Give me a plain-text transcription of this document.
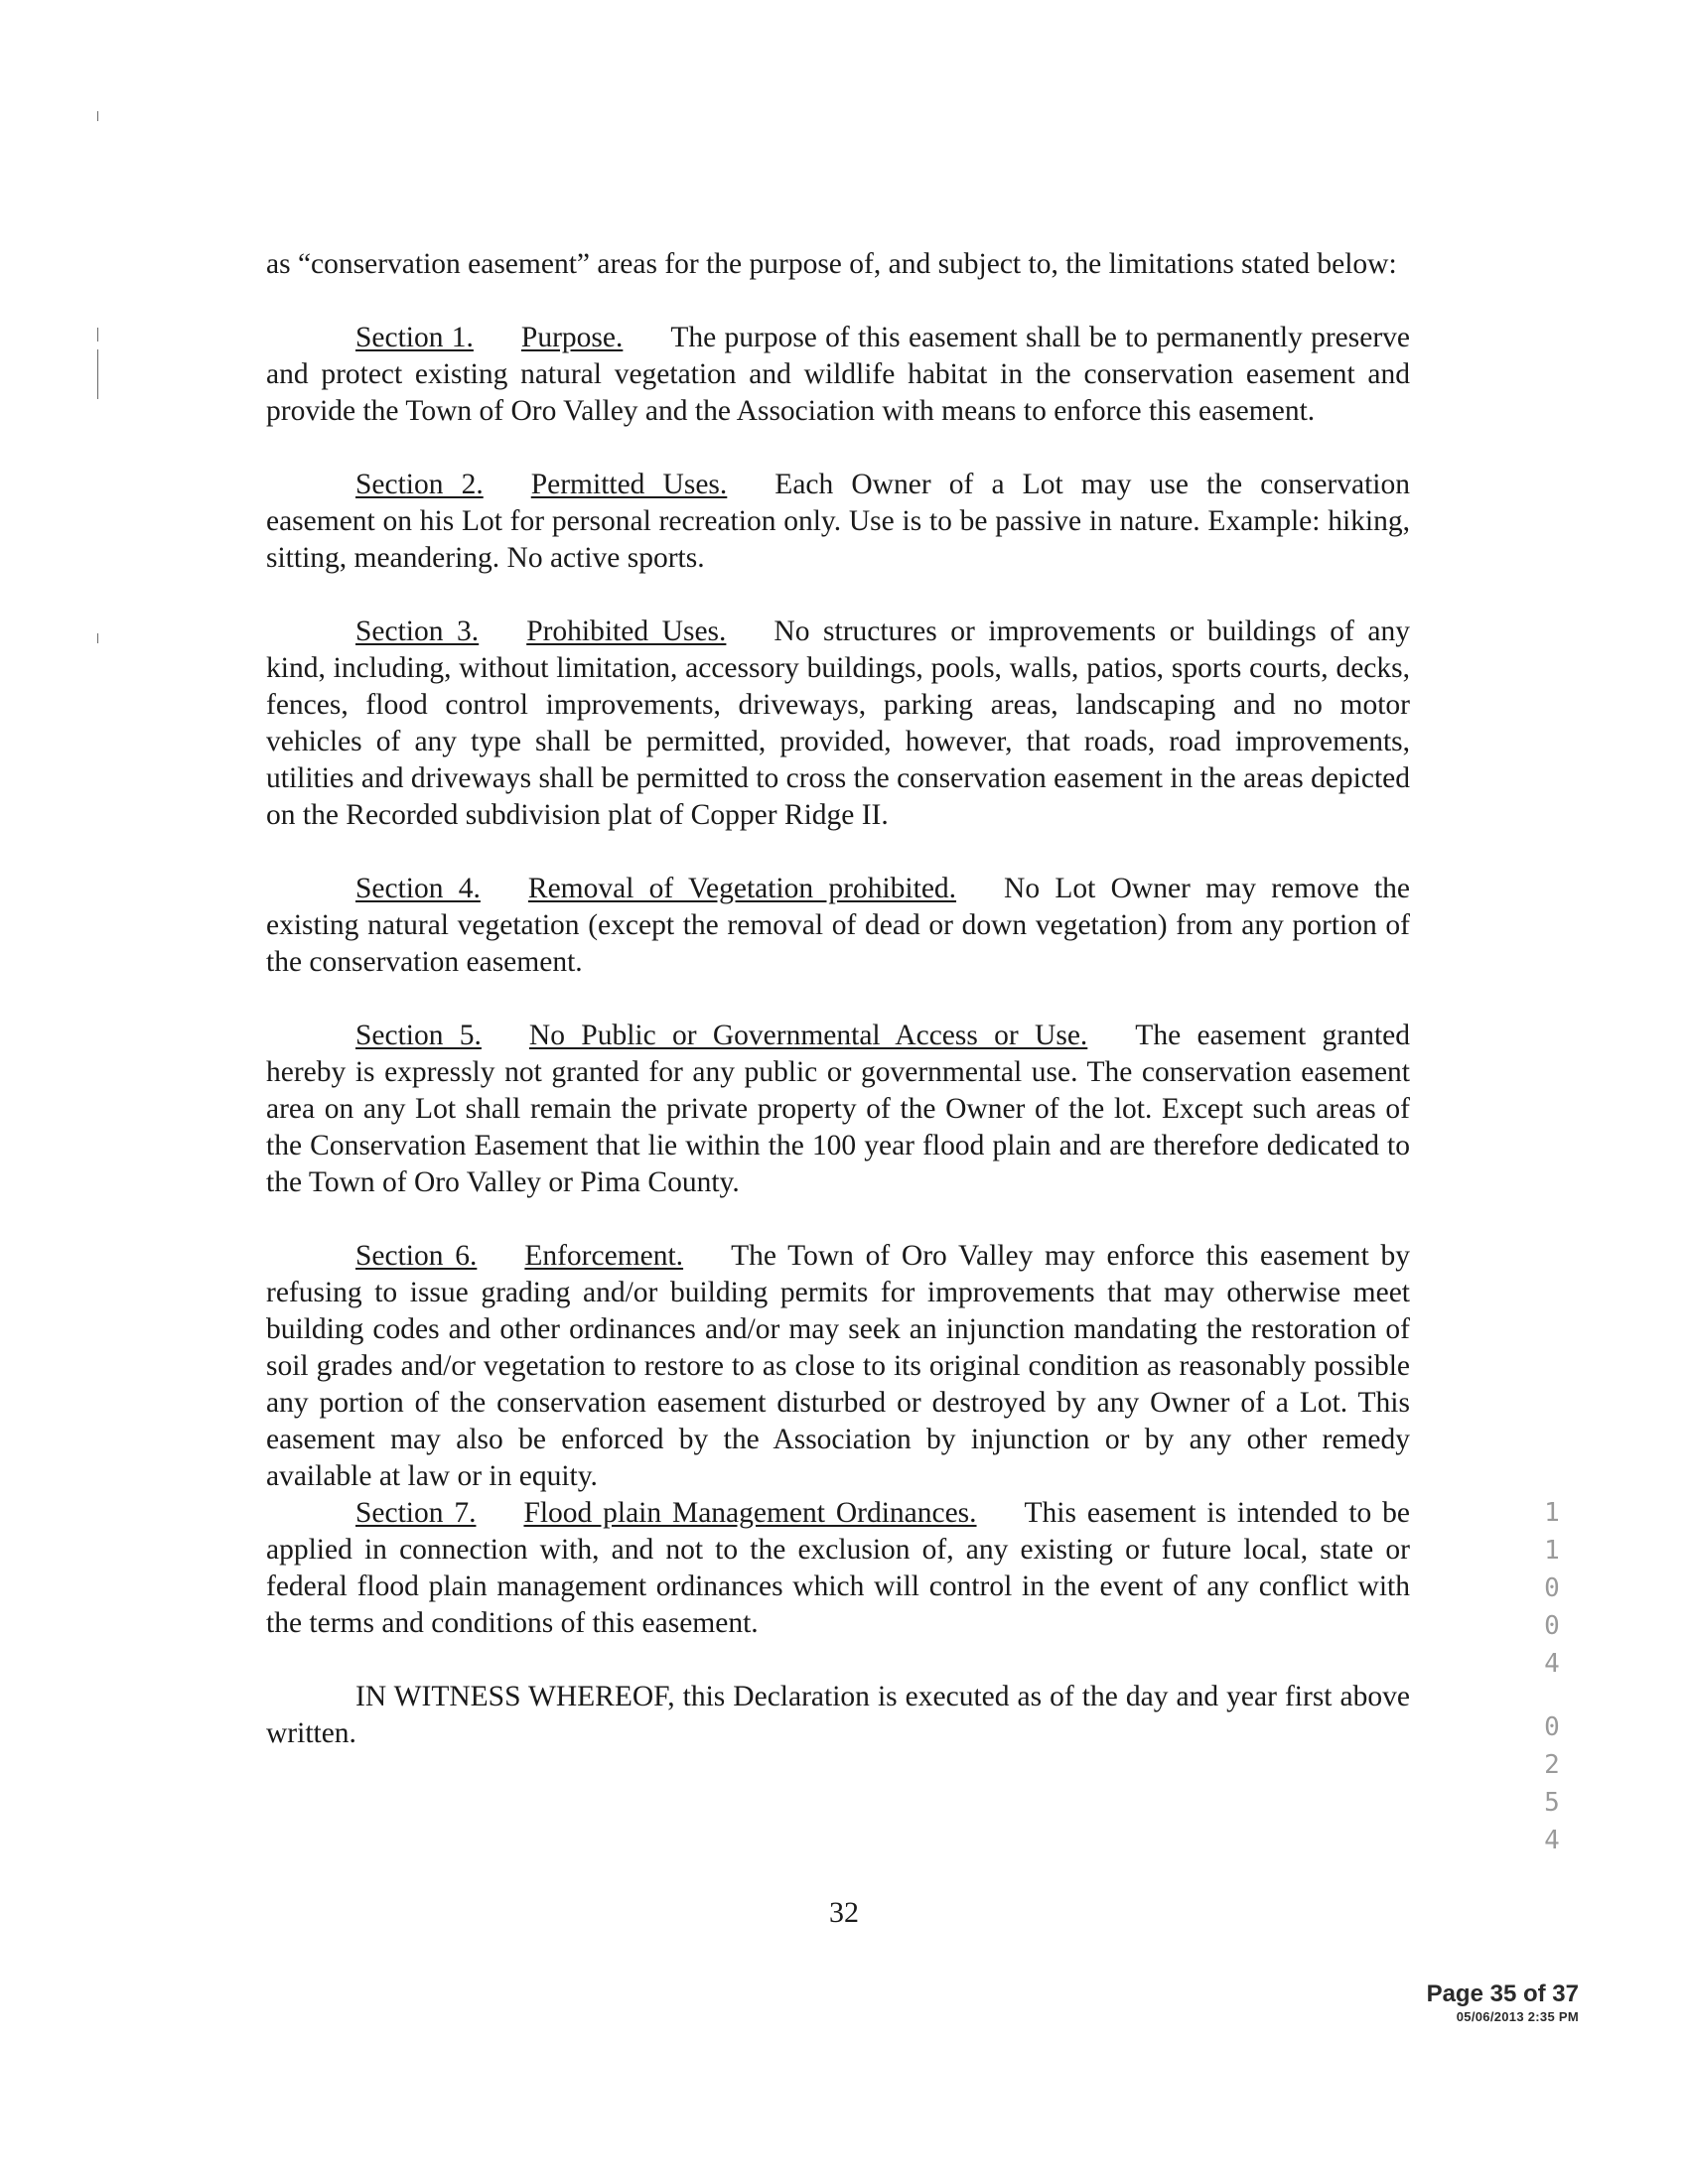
as “conservation easement” areas for the purpose of, and subject to, the limitations stated below:

Section 1. Purpose. The purpose of this easement shall be to permanently preserve and protect existing natural vegetation and wildlife habitat in the conservation easement and provide the Town of Oro Valley and the Association with means to enforce this easement.

Section 2. Permitted Uses. Each Owner of a Lot may use the conservation easement on his Lot for personal recreation only. Use is to be passive in nature. Example: hiking, sitting, meandering. No active sports.

Section 3. Prohibited Uses. No structures or improvements or buildings of any kind, including, without limitation, accessory buildings, pools, walls, patios, sports courts, decks, fences, flood control improvements, driveways, parking areas, landscaping and no motor vehicles of any type shall be permitted, provided, however, that roads, road improvements, utilities and driveways shall be permitted to cross the conservation easement in the areas depicted on the Recorded subdivision plat of Copper Ridge II.

Section 4. Removal of Vegetation prohibited. No Lot Owner may remove the existing natural vegetation (except the removal of dead or down vegetation) from any portion of the conservation easement.

Section 5. No Public or Governmental Access or Use. The easement granted hereby is expressly not granted for any public or governmental use. The conservation easement area on any Lot shall remain the private property of the Owner of the lot. Except such areas of the Conservation Easement that lie within the 100 year flood plain and are therefore dedicated to the Town of Oro Valley or Pima County.

Section 6. Enforcement. The Town of Oro Valley may enforce this easement by refusing to issue grading and/or building permits for improvements that may otherwise meet building codes and other ordinances and/or may seek an injunction mandating the restoration of soil grades and/or vegetation to restore to as close to its original condition as reasonably possible any portion of the conservation easement disturbed or destroyed by any Owner of a Lot. This easement may also be enforced by the Association by injunction or by any other remedy available at law or in equity.

Section 7. Flood plain Management Ordinances. This easement is intended to be applied in connection with, and not to the exclusion of, any existing or future local, state or federal flood plain management ordinances which will control in the event of any conflict with the terms and conditions of this easement.

IN WITNESS WHEREOF, this Declaration is executed as of the day and year first above written.

32
1
1
0
0
4
0
2
5
4
Page 35 of 37
05/06/2013 2:35 PM
